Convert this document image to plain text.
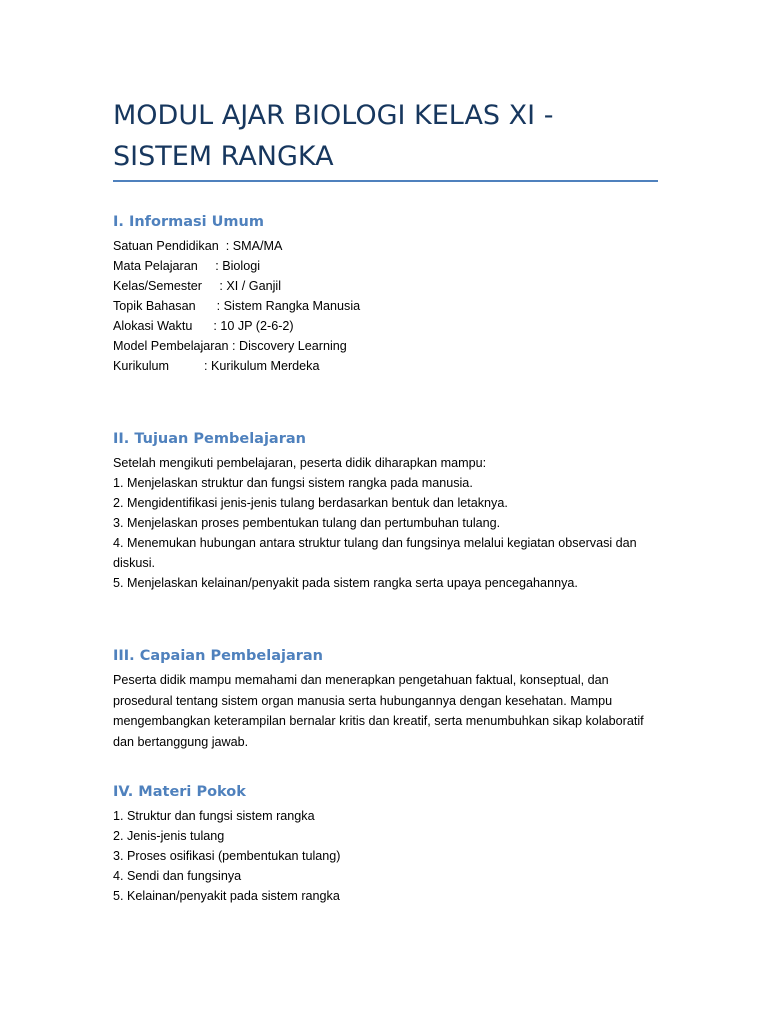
MODUL AJAR BIOLOGI KELAS XI -
SISTEM RANGKA
I. Informasi Umum
Satuan Pendidikan  : SMA/MA
Mata Pelajaran     : Biologi
Kelas/Semester     : XI / Ganjil
Topik Bahasan      : Sistem Rangka Manusia
Alokasi Waktu      : 10 JP (2-6-2)
Model Pembelajaran : Discovery Learning
Kurikulum          : Kurikulum Merdeka
II. Tujuan Pembelajaran
Setelah mengikuti pembelajaran, peserta didik diharapkan mampu:
1. Menjelaskan struktur dan fungsi sistem rangka pada manusia.
2. Mengidentifikasi jenis-jenis tulang berdasarkan bentuk dan letaknya.
3. Menjelaskan proses pembentukan tulang dan pertumbuhan tulang.
4. Menemukan hubungan antara struktur tulang dan fungsinya melalui kegiatan observasi dan
diskusi.
5. Menjelaskan kelainan/penyakit pada sistem rangka serta upaya pencegahannya.
III. Capaian Pembelajaran
Peserta didik mampu memahami dan menerapkan pengetahuan faktual, konseptual, dan
prosedural tentang sistem organ manusia serta hubungannya dengan kesehatan. Mampu
mengembangkan keterampilan bernalar kritis dan kreatif, serta menumbuhkan sikap kolaboratif
dan bertanggung jawab.
IV. Materi Pokok
1. Struktur dan fungsi sistem rangka
2. Jenis-jenis tulang
3. Proses osifikasi (pembentukan tulang)
4. Sendi dan fungsinya
5. Kelainan/penyakit pada sistem rangka
